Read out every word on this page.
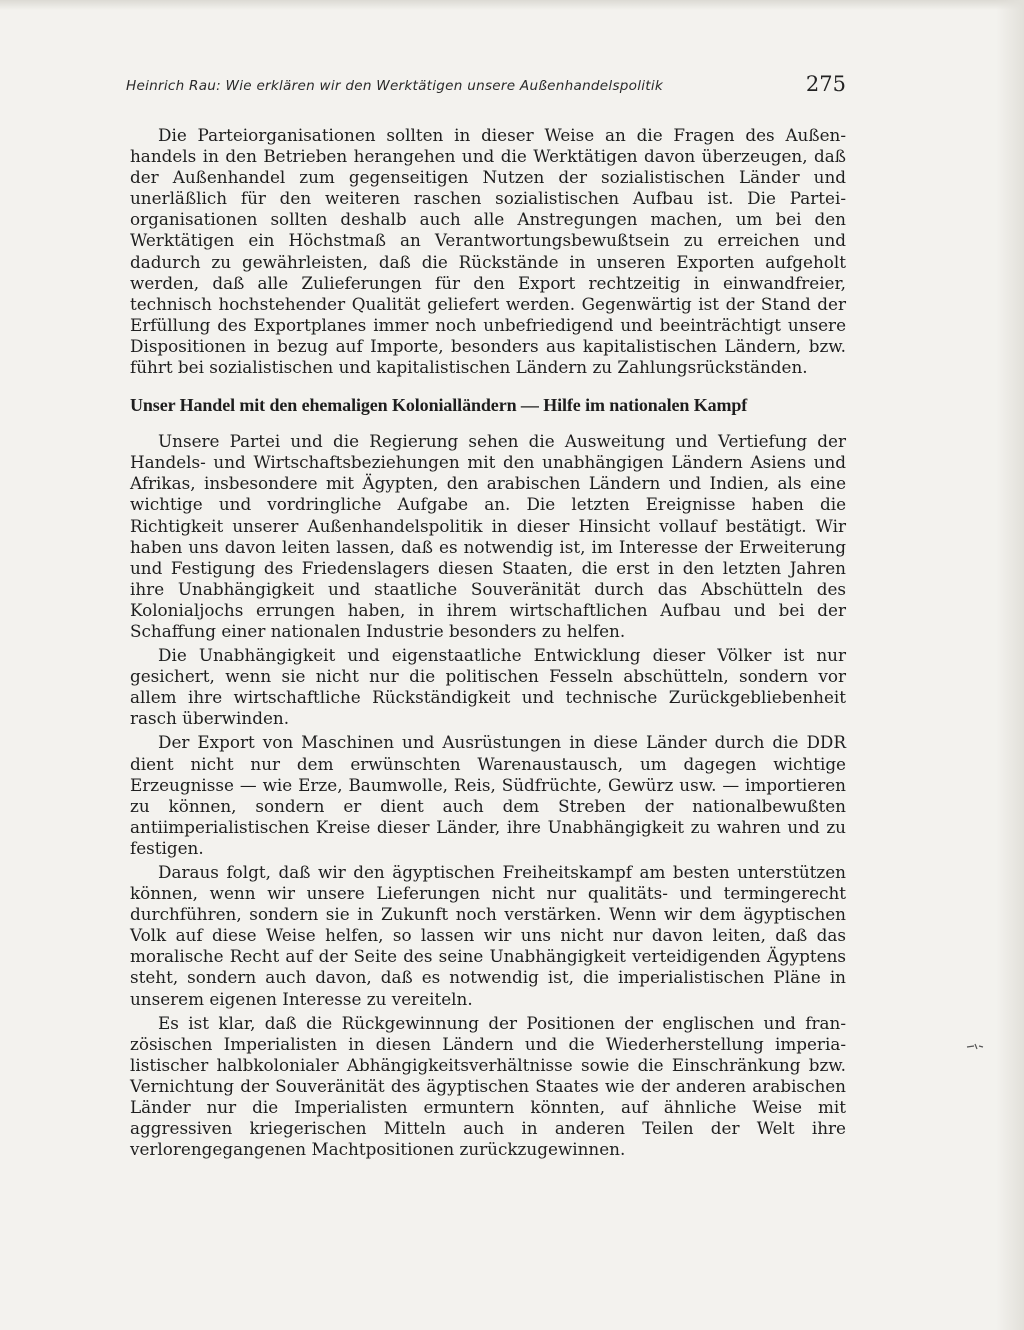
Heinrich Rau: Wie erklären wir den Werktätigen unsere Außenhandelspolitik	275

Die Parteiorganisationen sollten in dieser Weise an die Fragen des Außenhandels in den Betrieben herangehen und die Werktätigen davon überzeugen, daß der Außenhandel zum gegenseitigen Nutzen der sozialistischen Länder und unerläßlich für den weiteren raschen sozialistischen Aufbau ist. Die Parteiorganisationen sollten deshalb auch alle Anstregungen machen, um bei den Werktätigen ein Höchstmaß an Verantwortungsbewußtsein zu erreichen und dadurch zu gewährleisten, daß die Rückstände in unseren Exporten aufgeholt werden, daß alle Zulieferungen für den Export rechtzeitig in einwandfreier, technisch hochstehender Qualität geliefert werden. Gegenwärtig ist der Stand der Erfüllung des Exportplanes immer noch unbefriedigend und beeinträchtigt unsere Dispositionen in bezug auf Importe, besonders aus kapitalistischen Ländern, bzw. führt bei sozialistischen und kapitalistischen Ländern zu Zahlungsrückständen.

Unser Handel mit den ehemaligen Kolonialländern — Hilfe im nationalen Kampf

Unsere Partei und die Regierung sehen die Ausweitung und Vertiefung der Handels- und Wirtschaftsbeziehungen mit den unabhängigen Ländern Asiens und Afrikas, insbesondere mit Ägypten, den arabischen Ländern und Indien, als eine wichtige und vordringliche Aufgabe an. Die letzten Ereignisse haben die Richtigkeit unserer Außenhandelspolitik in dieser Hinsicht vollauf bestätigt. Wir haben uns davon leiten lassen, daß es notwendig ist, im Interesse der Erweiterung und Festigung des Friedenslagers diesen Staaten, die erst in den letzten Jahren ihre Unabhängigkeit und staatliche Souveränität durch das Abschütteln des Kolonialjochs errungen haben, in ihrem wirtschaftlichen Aufbau und bei der Schaffung einer nationalen Industrie besonders zu helfen.

Die Unabhängigkeit und eigenstaatliche Entwicklung dieser Völker ist nur gesichert, wenn sie nicht nur die politischen Fesseln abschütteln, sondern vor allem ihre wirtschaftliche Rückständigkeit und technische Zurückgebliebenheit rasch überwinden.

Der Export von Maschinen und Ausrüstungen in diese Länder durch die DDR dient nicht nur dem erwünschten Warenaustausch, um dagegen wichtige Erzeugnisse — wie Erze, Baumwolle, Reis, Südfrüchte, Gewürz usw. — importieren zu können, sondern er dient auch dem Streben der nationalbewußten antiimperialistischen Kreise dieser Länder, ihre Unabhängigkeit zu wahren und zu festigen.

Daraus folgt, daß wir den ägyptischen Freiheitskampf am besten unterstützen können, wenn wir unsere Lieferungen nicht nur qualitäts- und termingerecht durchführen, sondern sie in Zukunft noch verstärken. Wenn wir dem ägyptischen Volk auf diese Weise helfen, so lassen wir uns nicht nur davon leiten, daß das moralische Recht auf der Seite des seine Unabhängigkeit verteidigenden Ägyptens steht, sondern auch davon, daß es notwendig ist, die imperialistischen Pläne in unserem eigenen Interesse zu vereiteln.

Es ist klar, daß die Rückgewinnung der Positionen der englischen und französischen Imperialisten in diesen Ländern und die Wiederherstellung imperialistischer halbkolonialer Abhängigkeitsverhältnisse sowie die Einschränkung bzw. Vernichtung der Souveränität des ägyptischen Staates wie der anderen arabischen Länder nur die Imperialisten ermuntern könnten, auf ähnliche Weise mit aggressiven kriegerischen Mitteln auch in anderen Teilen der Welt ihre verlorengegangenen Machtpositionen zurückzugewinnen.
